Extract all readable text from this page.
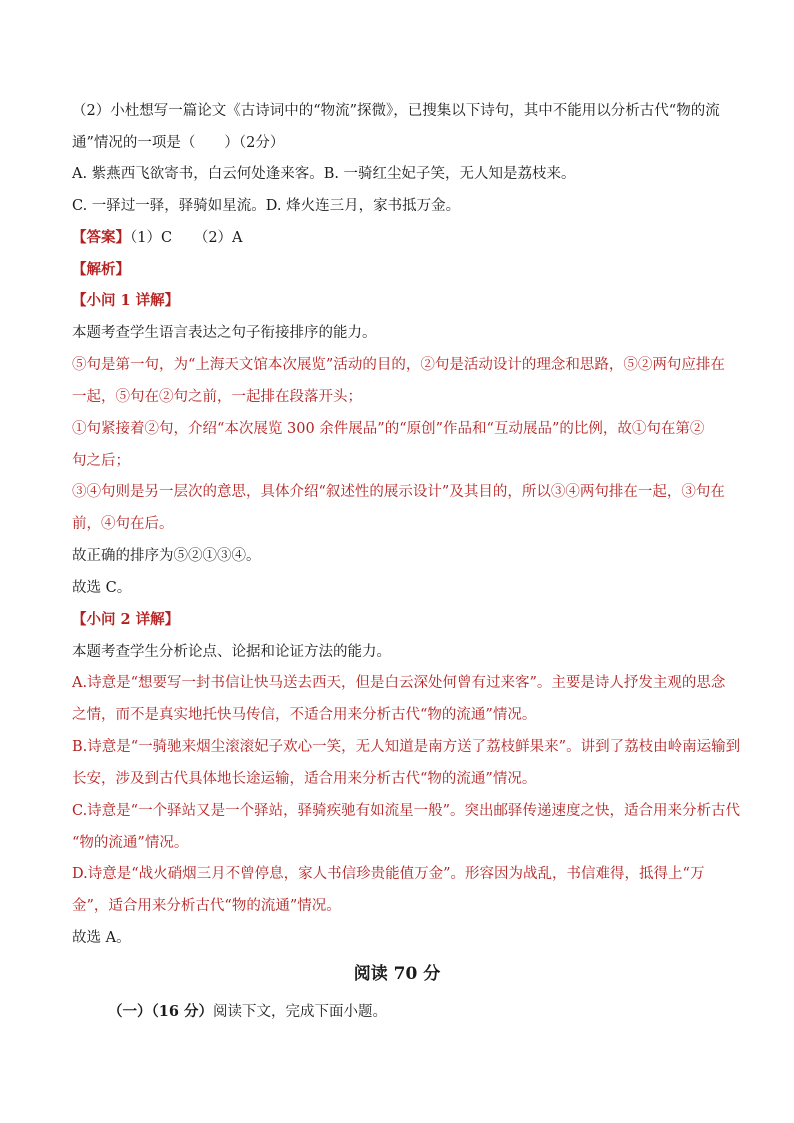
（2）小杜想写一篇论文《古诗词中的“物流”探微》，已搜集以下诗句，其中不能用以分析古代“物的流
通”情况的一项是（　　）（2分）
A. 紫燕西飞欲寄书，白云何处逢来客。B. 一骑红尘妃子笑，无人知是荔枝来。
C. 一驿过一驿，驿骑如星流。D. 烽火连三月，家书抵万金。
【答案】（1）C　　（2）A
【解析】
【小问 1 详解】
本题考查学生语言表达之句子衔接排序的能力。
⑤句是第一句，为“上海天文馆本次展览”活动的目的，②句是活动设计的理念和思路，⑤②两句应排在
一起，⑤句在②句之前，一起排在段落开头；
①句紧接着②句，介绍“本次展览 300 余件展品”的“原创”作品和“互动展品”的比例，故①句在第②
句之后；
③④句则是另一层次的意思，具体介绍“叙述性的展示设计”及其目的，所以③④两句排在一起，③句在
前，④句在后。
故正确的排序为⑤②①③④。
故选 C。
【小问 2 详解】
本题考查学生分析论点、论据和论证方法的能力。
A.诗意是“想要写一封书信让快马送去西天，但是白云深处何曾有过来客”。主要是诗人抒发主观的思念
之情，而不是真实地托快马传信，不适合用来分析古代“物的流通”情况。
B.诗意是“一骑驰来烟尘滚滚妃子欢心一笑，无人知道是南方送了荔枝鲜果来”。讲到了荔枝由岭南运输到
长安，涉及到古代具体地长途运输，适合用来分析古代“物的流通”情况。
C.诗意是“一个驿站又是一个驿站，驿骑疾驰有如流星一般”。突出邮驿传递速度之快，适合用来分析古代
“物的流通”情况。
D.诗意是“战火硝烟三月不曾停息，家人书信珍贵能值万金”。形容因为战乱，书信难得，抵得上“万
金”，适合用来分析古代“物的流通”情况。
故选 A。
阅读 70 分
（一）（16 分）阅读下文，完成下面小题。
